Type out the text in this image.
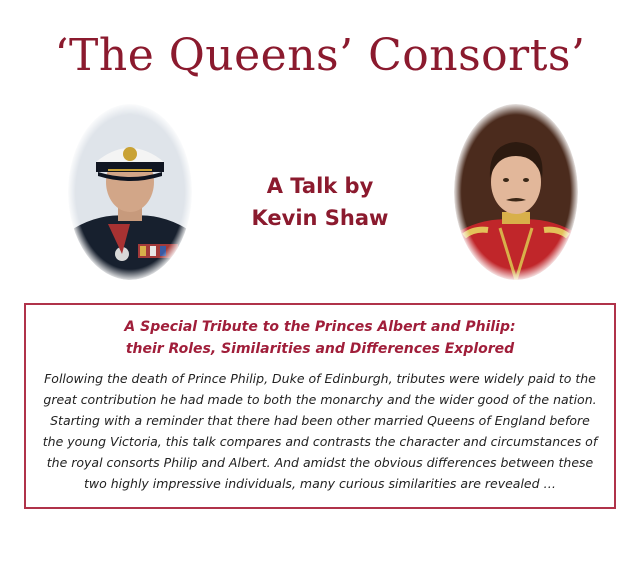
‘The Queens’ Consorts’
A Talk by
Kevin Shaw
A Special Tribute to the Princes Albert and Philip:
their Roles, Similarities and Differences Explored
Following the death of Prince Philip, Duke of Edinburgh, tributes were widely paid to the
great contribution he had made to both the monarchy and the wider good of the nation.
Starting with a reminder that there had been other married Queens of England before
the young Victoria, this talk compares and contrasts the character and circumstances of
the royal consorts Philip and Albert. And amidst the obvious differences between these
two highly impressive individuals, many curious similarities are revealed …
